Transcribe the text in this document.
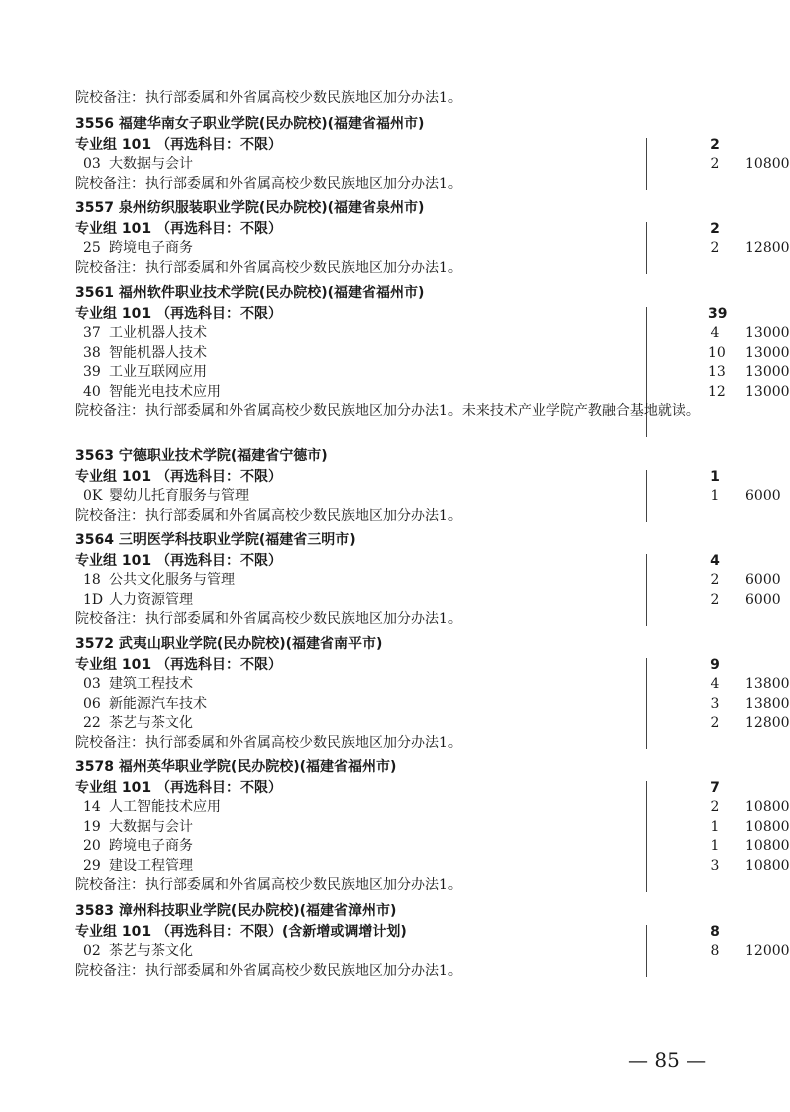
院校备注：执行部委属和外省属高校少数民族地区加分办法1。
3556 福建华南女子职业学院(民办院校)(福建省福州市)
专业组 101 （再选科目：不限）	2
03 大数据与会计	2 10800
院校备注：执行部委属和外省属高校少数民族地区加分办法1。
3557 泉州纺织服装职业学院(民办院校)(福建省泉州市)
专业组 101 （再选科目：不限）	2
25 跨境电子商务	2 12800
院校备注：执行部委属和外省属高校少数民族地区加分办法1。
3561 福州软件职业技术学院(民办院校)(福建省福州市)
专业组 101 （再选科目：不限）	39
37 工业机器人技术	4 13000
38 智能机器人技术	10 13000
39 工业互联网应用	13 13000
40 智能光电技术应用	12 13000
院校备注：执行部委属和外省属高校少数民族地区加分办法1。未来技术产业学院产教融合基地就读。
3563 宁德职业技术学院(福建省宁德市)
专业组 101 （再选科目：不限）	1
0K 婴幼儿托育服务与管理	1 6000
院校备注：执行部委属和外省属高校少数民族地区加分办法1。
3564 三明医学科技职业学院(福建省三明市)
专业组 101 （再选科目：不限）	4
18 公共文化服务与管理	2 6000
1D 人力资源管理	2 6000
院校备注：执行部委属和外省属高校少数民族地区加分办法1。
3572 武夷山职业学院(民办院校)(福建省南平市)
专业组 101 （再选科目：不限）	9
03 建筑工程技术	4 13800
06 新能源汽车技术	3 13800
22 茶艺与茶文化	2 12800
院校备注：执行部委属和外省属高校少数民族地区加分办法1。
3578 福州英华职业学院(民办院校)(福建省福州市)
专业组 101 （再选科目：不限）	7
14 人工智能技术应用	2 10800
19 大数据与会计	1 10800
20 跨境电子商务	1 10800
29 建设工程管理	3 10800
院校备注：执行部委属和外省属高校少数民族地区加分办法1。
3583 漳州科技职业学院(民办院校)(福建省漳州市)
专业组 101 （再选科目：不限）(含新增或调增计划)	8
02 茶艺与茶文化	8 12000
院校备注：执行部委属和外省属高校少数民族地区加分办法1。
— 85 —
